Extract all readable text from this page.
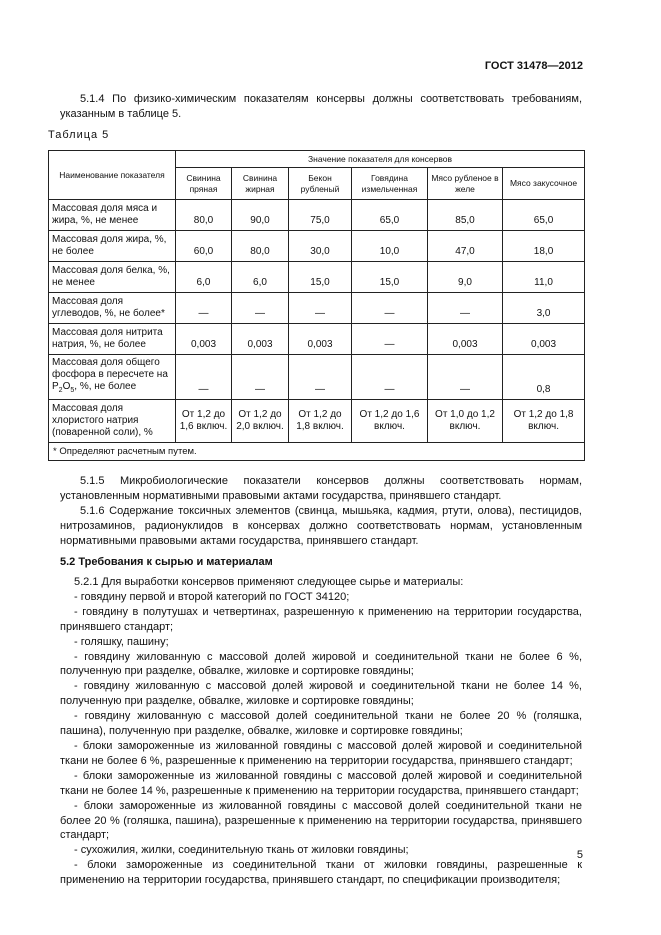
ГОСТ 31478—2012
5.1.4 По физико-химическим показателям консервы должны соответствовать требованиям, указанным в таблице 5.
Таблица 5
Наименование показателя	Значение показателя для консервов					
	Свинина пряная	Свинина жирная	Бекон рубленый	Говядина измельченная	Мясо рубленое в желе	Мясо закусочное
Массовая доля мяса и жира, %, не менее	80,0	90,0	75,0	65,0	85,0	65,0
Массовая доля жира, %, не более	60,0	80,0	30,0	10,0	47,0	18,0
Массовая доля белка, %, не менее	6,0	6,0	15,0	15,0	9,0	11,0
Массовая доля углеводов, %, не более*	—	—	—	—	—	3,0
Массовая доля нитрита натрия, %, не более	0,003	0,003	0,003	—	0,003	0,003
Массовая доля общего фосфора в пересчете на $P_2O_5$, %, не более	—	—	—	—	—	0,8
Массовая доля хлористого натрия (поваренной соли), %	От 1,2 до 1,6 включ.	От 1,2 до 2,0 включ.	От 1,2 до 1,8 включ.	От 1,2 до 1,6 включ.	От 1,0 до 1,2 включ.	От 1,2 до 1,8 включ.
* Определяют расчетным путем.						
5.1.5 Микробиологические показатели консервов должны соответствовать нормам, установленным нормативными правовыми актами государства, принявшего стандарт.
5.1.6 Содержание токсичных элементов (свинца, мышьяка, кадмия, ртути, олова), пестицидов, нитрозаминов, радионуклидов в консервах должно соответствовать нормам, установленным нормативными правовыми актами государства, принявшего стандарт.
5.2 Требования к сырью и материалам
5.2.1 Для выработки консервов применяют следующее сырье и материалы:
- говядину первой и второй категорий по ГОСТ 34120;
- говядину в полутушах и четвертинах, разрешенную к применению на территории государства, принявшего стандарт;
- голяшку, пашину;
- говядину жилованную с массовой долей жировой и соединительной ткани не более 6 %, полученную при разделке, обвалке, жиловке и сортировке говядины;
- говядину жилованную с массовой долей жировой и соединительной ткани не более 14 %, полученную при разделке, обвалке, жиловке и сортировке говядины;
- говядину жилованную с массовой долей соединительной ткани не более 20 % (голяшка, пашина), полученную при разделке, обвалке, жиловке и сортировке говядины;
- блоки замороженные из жилованной говядины с массовой долей жировой и соединительной ткани не более 6 %, разрешенные к применению на территории государства, принявшего стандарт;
- блоки замороженные из жилованной говядины с массовой долей жировой и соединительной ткани не более 14 %, разрешенные к применению на территории государства, принявшего стандарт;
- блоки замороженные из жилованной говядины с массовой долей соединительной ткани не более 20 % (голяшка, пашина), разрешенные к применению на территории государства, принявшего стандарт;
- сухожилия, жилки, соединительную ткань от жиловки говядины;
- блоки замороженные из соединительной ткани от жиловки говядины, разрешенные к применению на территории государства, принявшего стандарт, по спецификации производителя;
5
